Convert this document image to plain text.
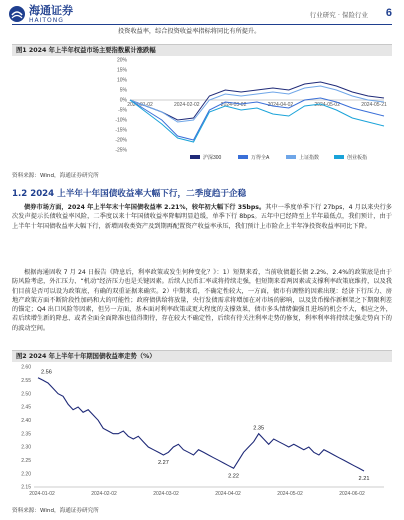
海通证券
HAITONG
行业研究 · 保险行业 6
投资收益率，综合投资收益率指标将同比有所提升。
图1 2024 年上半年权益市场主要指数累计涨跌幅
20%
15%
10%
5%
0%
-5%
-10%
-15%
-20%
-25%
2024-01-02	2024-02-02	2024-03-02	2024-04-02	2024-05-02	2024-05-21
沪深300	万得全A	上证指数	创业板指
资料来源：Wind，海通证券研究所
1.2 2024 上半年十年国债收益率大幅下行，二季度趋于企稳
债券市场方面，2024 年上半年末十年国债收益率 2.21%，较年初大幅下行 35bps。其中一季度单季下行 27bps，4 月以来央行多次发声提示长债收益率风险，二季度以来十年国债收益率降幅明显趋缓，单季下行 8bps。五年中已经降至上半年最低点，我们预计，由于上半年十年国债收益率大幅下行，新增固收类资产及到期再配置资产收益率承压，我们预计上市险企上半年净投资收益率同比下降。
根据海通固收 7 月 24 日报告《降息后，利率政策或发生何种变化？》：1）短期来看，当前收债超长债 2.2%、2.4%的政策底是由于防风险考虑，外汇压力、“机动”经济压力也是关键因素。后续人民币汇率或将持续走强，但短期来看两因素或支撑利率政策底维持，以及我们目前是否可以设为政策底，有确的双重证据来确实。2）中期来看，不确定性较大，一方面，债市有调整的因素出现：经济下行压力、房地产政策方面不断阶段性加码和大的可能性；政府债供给将放量，央行发债需求将增加在对市场的影响，以及货币操作新框架之下期限利差的锚定；Q4 出口风险等因素，但另一方面，基本面对利率政策或更大程度的支撑效果，债市多头情绪偏强且进场的机会不大，相应之外，若后续增生新的降息、或者全面全面降准也值得期待，存在较大不确定性，后续有待关注利率走势的修复，利率利率将持续走强走势向下的的波动空间。
图2 2024 年上半年十年期国债收益率走势（%）
2.60
2.55
2.50
2.45
2.40
2.35
2.30
2.25
2.20
2.15
2024-01-02	2024-02-02	2024-03-02	2024-04-02	2024-05-02	2024-06-02
2.56
2.27
2.22
2.35
2.21
资料来源：Wind，海通证券研究所
